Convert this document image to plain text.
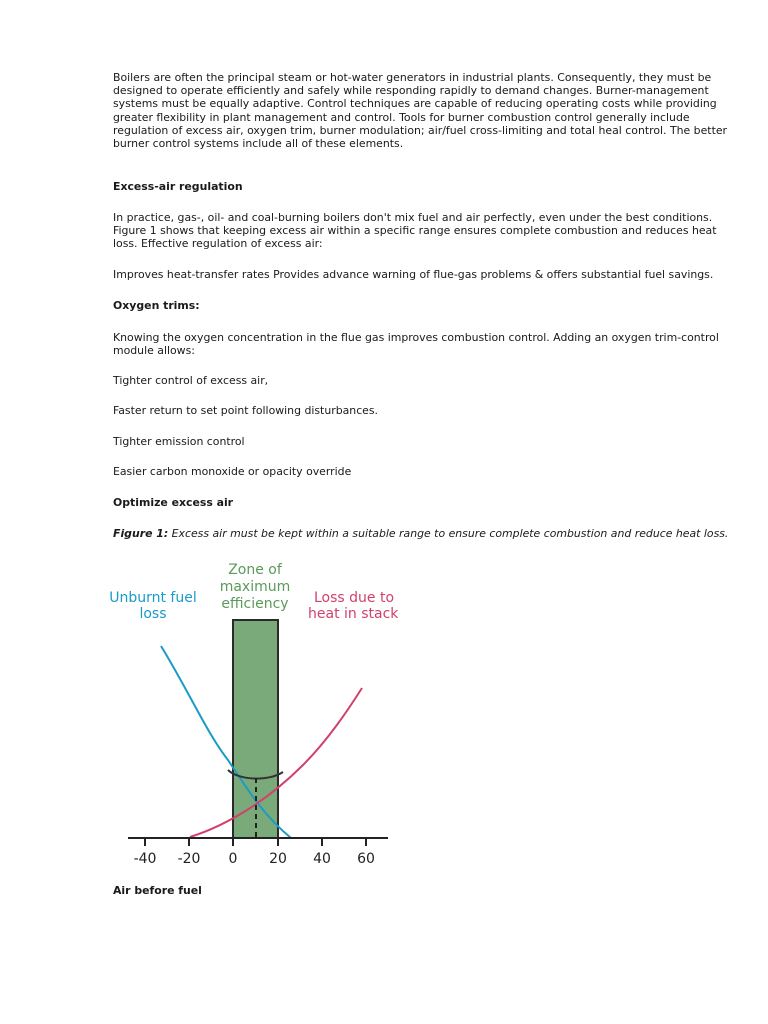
Boilers are often the principal steam or hot-water generators in industrial plants. Consequently, they must be designed to operate efficiently and safely while responding rapidly to demand changes. Burner-management systems must be equally adaptive. Control techniques are capable of reducing operating costs while providing greater flexibility in plant management and control. Tools for burner combustion control generally include regulation of excess air, oxygen trim, burner modulation; air/fuel cross-limiting and total heal control. The better burner control systems include all of these elements.

Excess-air regulation

In practice, gas-, oil- and coal-burning boilers don't mix fuel and air perfectly, even under the best conditions. Figure 1 shows that keeping excess air within a specific range ensures complete combustion and reduces heat loss. Effective regulation of excess air:

Improves heat-transfer rates Provides advance warning of flue-gas problems & offers substantial fuel savings.

Oxygen trims:

Knowing the oxygen concentration in the flue gas improves combustion control. Adding an oxygen trim-control module allows:

Tighter control of excess air,

Faster return to set point following disturbances.

Tighter emission control

Easier carbon monoxide or opacity override

Optimize excess air

Figure 1: Excess air must be kept within a suitable range to ensure complete combustion and reduce heat loss.

Unburnt fuel
loss
Zone of
maximum
efficiency Loss due to
heat in stack
-40 -20 0 20 40 60

Air before fuel
